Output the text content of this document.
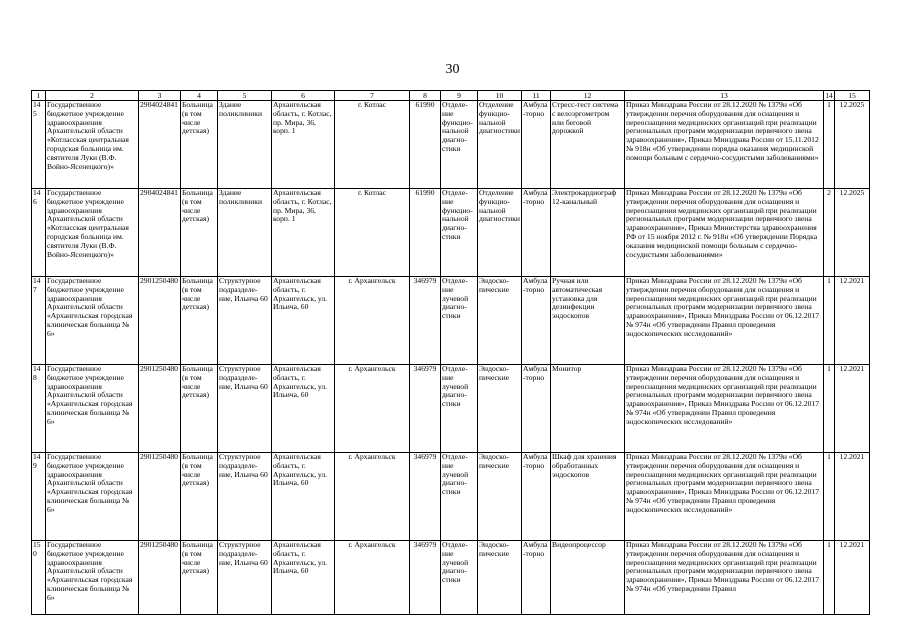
30
1	2	3	4	5	6	7	8	9	10	11	12	13	14	15
145	Государственное бюджетное учреждение здравоохранения Архангельской области «Котласская центральная городская больница им. святителя Луки (В.Ф. Войно-Ясенецкого)»	2904024841	Больница (в том числе детская)	Здание поликлиники	Архангельская область, г. Котлас, пр. Мира, 36, корп. 1	г. Котлас	61990	Отделе-ние функцио-нальной диагно-стики	Отделение функцио-нальной диагностики	Амбула-торно	Стресс-тест система с велоэргометром или беговой дорожкой	Приказ Минздрава России от 28.12.2020 № 1379н «Об утверждении перечня оборудования для оснащения и переоснащения медицинских организаций при реализации региональных программ модернизации первичного звена здравоохранения», Приказ Минздрава России от 15.11.2012 № 918н «Об утверждении порядка оказания медицинской помощи больным с сердечно-сосудистыми заболеваниями»	1	12.2025
146	Государственное бюджетное учреждение здравоохранения Архангельской области «Котласская центральная городская больница им. святителя Луки (В.Ф. Войно-Ясенецкого)»	2904024841	Больница (в том числе детская)	Здание поликлиники	Архангельская область, г. Котлас, пр. Мира, 36, корп. 1	г. Котлас	61990	Отделе-ние функцио-нальной диагно-стики	Отделение функцио-нальной диагностики	Амбула-торно	Электрокардиограф 12-канальный	Приказ Минздрава России от 28.12.2020 № 1379н «Об утверждении перечня оборудования для оснащения и переоснащения медицинских организаций при реализации региональных программ модернизации первичного звена здравоохранения», Приказ Министерства здравоохранения РФ от 15 ноября 2012 г. № 918н «Об утверждении Порядка оказания медицинской помощи больным с сердечно-сосудистыми заболеваниями»	2	12.2025
147	Государственное бюджетное учреждение здравоохранения Архангельской области «Архангельская городская клиническая больница № 6»	2901250480	Больница (в том числе детская)	Структурное подразделе-ние, Ильича 60	Архангельская область, г. Архангельск, ул. Ильича, 60	г. Архангельск	346979	Отделе-ние лучевой диагно-стики	Эндоско-пические	Амбула-торно	Ручная или автоматическая установка для дезинфекции эндоскопов	Приказ Минздрава России от 28.12.2020 № 1379н «Об утверждении перечня оборудования для оснащения и переоснащения медицинских организаций при реализации региональных программ модернизации первичного звена здравоохранения», Приказ Минздрава России от 06.12.2017 № 974н «Об утверждении Правил проведения эндоскопических исследований»	1	12.2021
148	Государственное бюджетное учреждение здравоохранения Архангельской области «Архангельская городская клиническая больница № 6»	2901250480	Больница (в том числе детская)	Структурное подразделе-ние, Ильича 60	Архангельская область, г. Архангельск, ул. Ильича, 60	г. Архангельск	346979	Отделе-ние лучевой диагно-стики	Эндоско-пические	Амбула-торно	Монитор	Приказ Минздрава России от 28.12.2020 № 1379н «Об утверждении перечня оборудования для оснащения и переоснащения медицинских организаций при реализации региональных программ модернизации первичного звена здравоохранения», Приказ Минздрава России от 06.12.2017 № 974н «Об утверждении Правил проведения эндоскопических исследований»	1	12.2021
149	Государственное бюджетное учреждение здравоохранения Архангельской области «Архангельская городская клиническая больница № 6»	2901250480	Больница (в том числе детская)	Структурное подразделе-ние, Ильича 60	Архангельская область, г. Архангельск, ул. Ильича, 60	г. Архангельск	346979	Отделе-ние лучевой диагно-стики	Эндоско-пические	Амбула-торно	Шкаф для хранения обработанных эндоскопов	Приказ Минздрава России от 28.12.2020 № 1379н «Об утверждении перечня оборудования для оснащения и переоснащения медицинских организаций при реализации региональных программ модернизации первичного звена здравоохранения», Приказ Минздрава России от 06.12.2017 № 974н «Об утверждении Правил проведения эндоскопических исследований»	1	12.2021
150	Государственное бюджетное учреждение здравоохранения Архангельской области «Архангельская городская клиническая больница № 6»	2901250480	Больница (в том числе детская)	Структурное подразделе-ние, Ильича 60	Архангельская область, г. Архангельск, ул. Ильича, 60	г. Архангельск	346979	Отделе-ние лучевой диагно-стики	Эндоско-пические	Амбула-торно	Видеопроцессор	Приказ Минздрава России от 28.12.2020 № 1379н «Об утверждении перечня оборудования для оснащения и переоснащения медицинских организаций при реализации региональных программ модернизации первичного звена здравоохранения», Приказ Минздрава России от 06.12.2017 № 974н «Об утверждении Правил	1	12.2021
